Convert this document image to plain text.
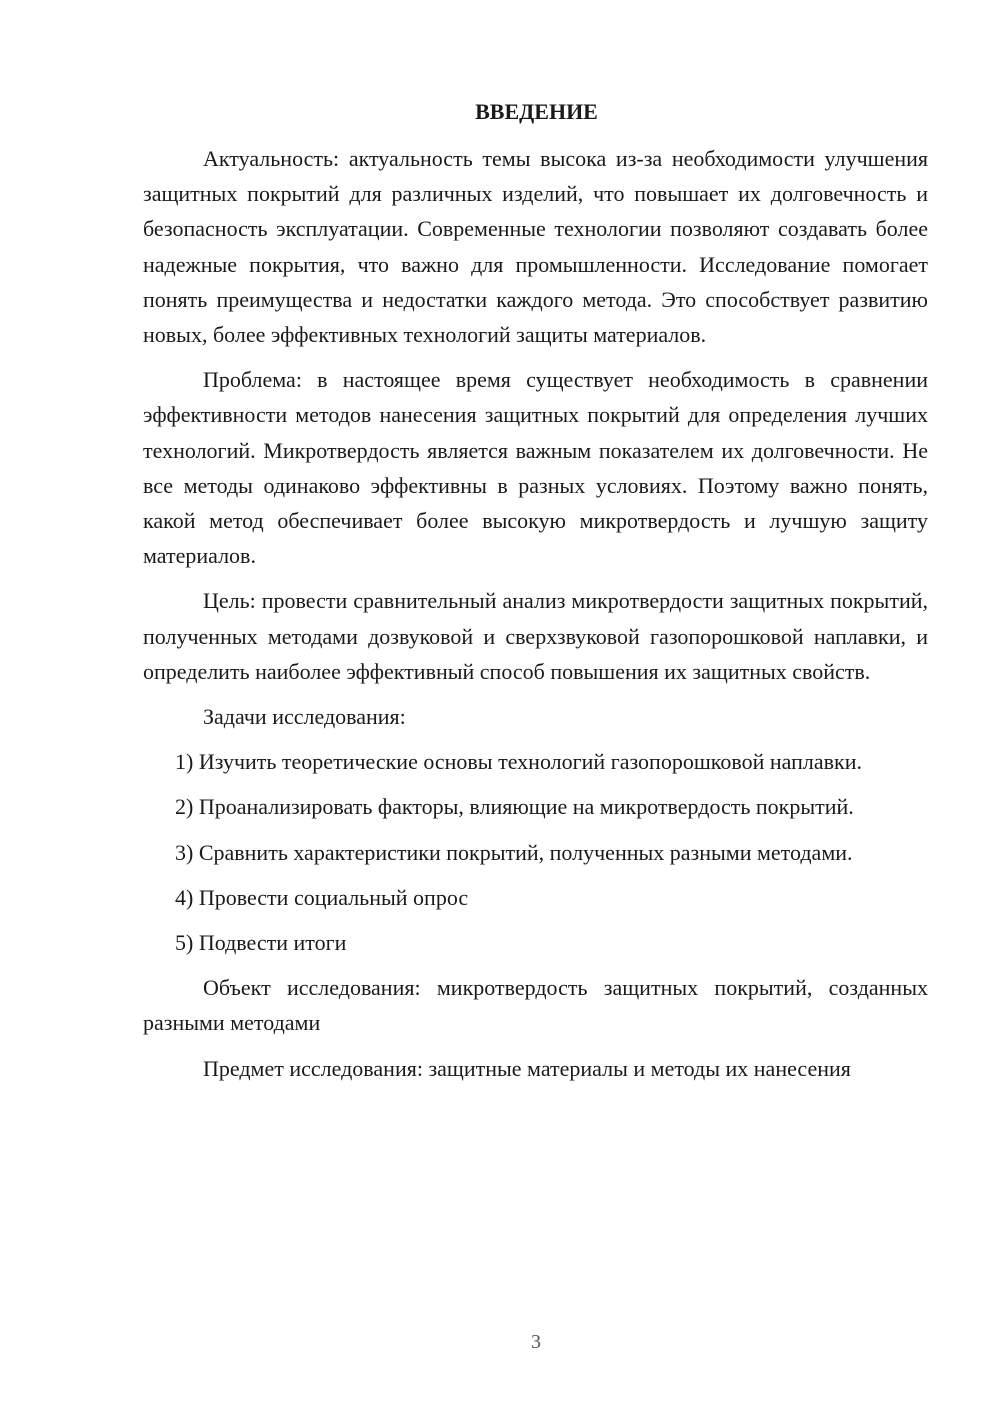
ВВЕДЕНИЕ

Актуальность: актуальность темы высока из-за необходимости улучшения защитных покрытий для различных изделий, что повышает их долговечность и безопасность эксплуатации. Современные технологии позволяют создавать более надежные покрытия, что важно для промышленности. Исследование помогает понять преимущества и недостатки каждого метода. Это способствует развитию новых, более эффективных технологий защиты материалов.

Проблема: в настоящее время существует необходимость в сравнении эффективности методов нанесения защитных покрытий для определения лучших технологий. Микротвердость является важным показателем их долговечности. Не все методы одинаково эффективны в разных условиях. Поэтому важно понять, какой метод обеспечивает более высокую микротвердость и лучшую защиту материалов.

Цель: провести сравнительный анализ микротвердости защитных покрытий, полученных методами дозвуковой и сверхзвуковой газопорошковой наплавки, и определить наиболее эффективный способ повышения их защитных свойств.

Задачи исследования:

1) Изучить теоретические основы технологий газопорошковой наплавки.

2) Проанализировать факторы, влияющие на микротвердость покрытий.

3) Сравнить характеристики покрытий, полученных разными методами.

4) Провести социальный опрос

5) Подвести итоги

Объект исследования: микротвердость защитных покрытий, созданных разными методами

Предмет исследования: защитные материалы и методы их нанесения

3
